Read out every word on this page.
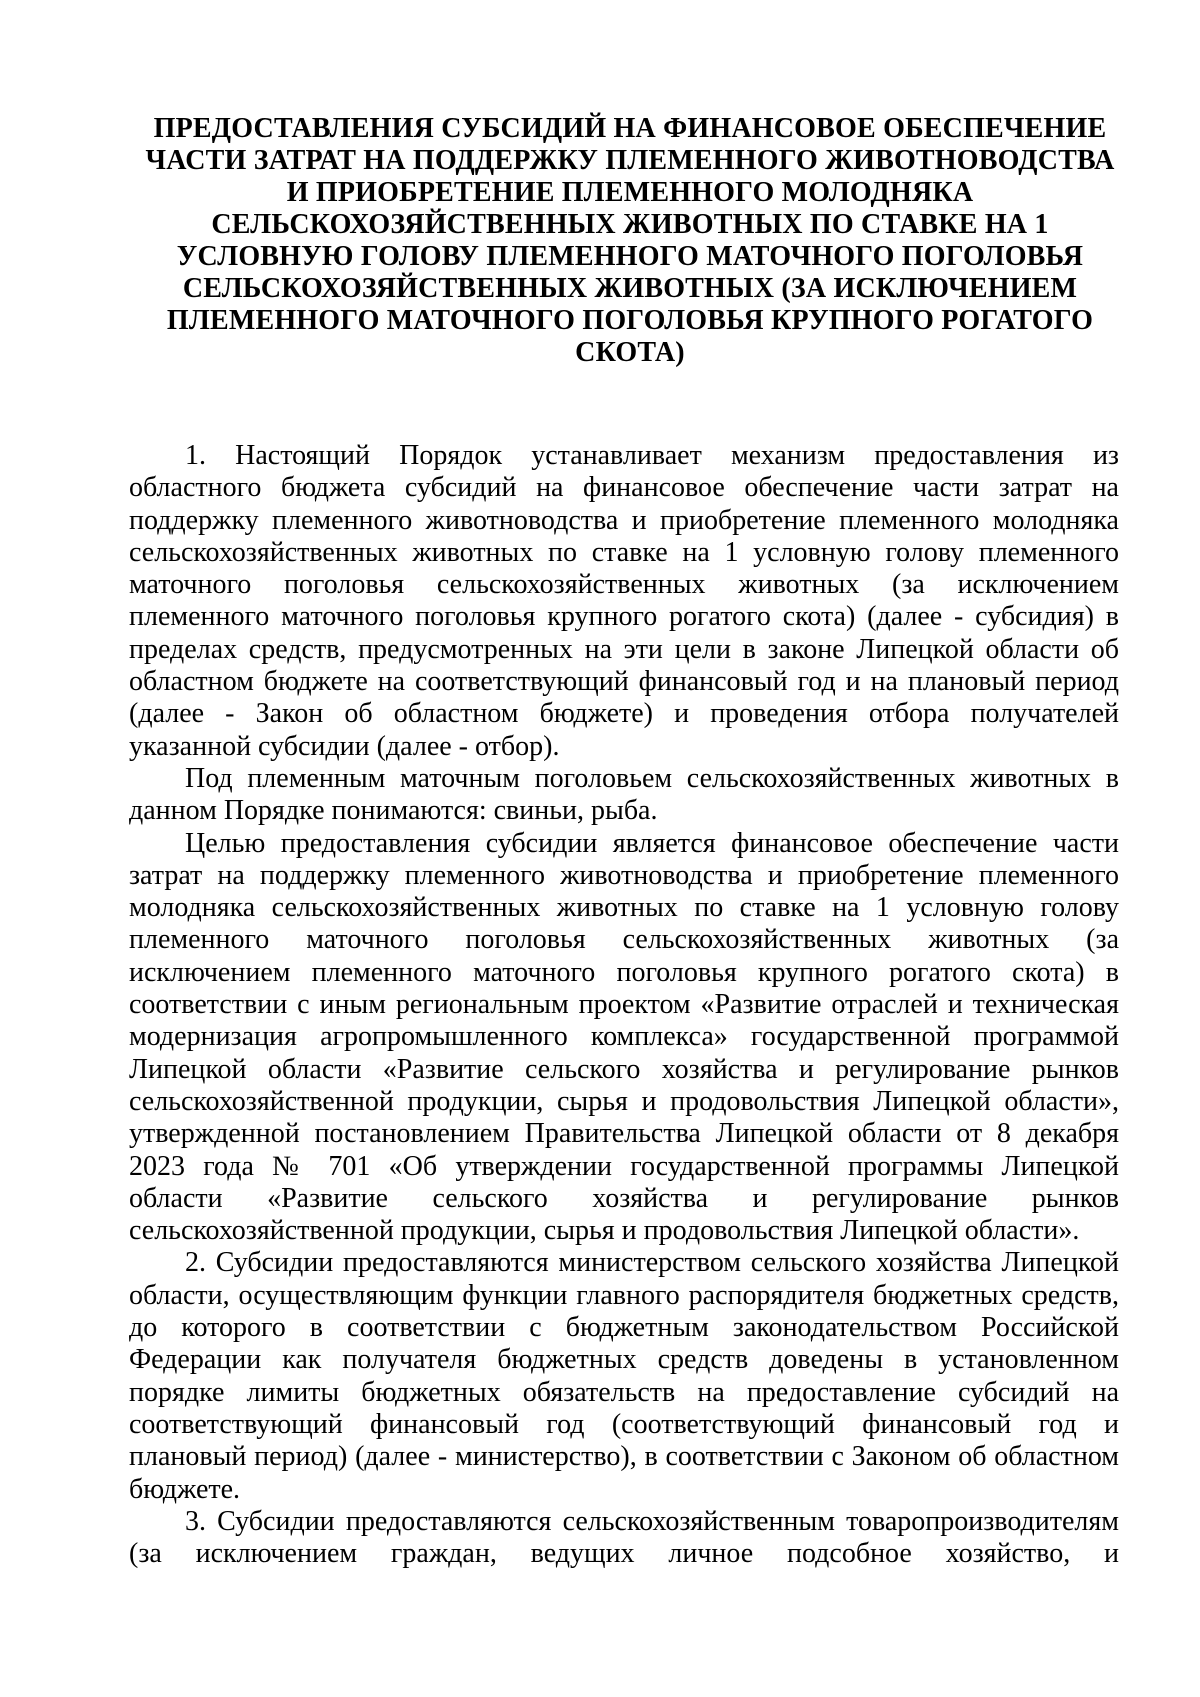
ПРЕДОСТАВЛЕНИЯ СУБСИДИЙ НА ФИНАНСОВОЕ ОБЕСПЕЧЕНИЕ
ЧАСТИ ЗАТРАТ НА ПОДДЕРЖКУ ПЛЕМЕННОГО ЖИВОТНОВОДСТВА
И ПРИОБРЕТЕНИЕ ПЛЕМЕННОГО МОЛОДНЯКА
СЕЛЬСКОХОЗЯЙСТВЕННЫХ ЖИВОТНЫХ ПО СТАВКЕ НА 1
УСЛОВНУЮ ГОЛОВУ ПЛЕМЕННОГО МАТОЧНОГО ПОГОЛОВЬЯ
СЕЛЬСКОХОЗЯЙСТВЕННЫХ ЖИВОТНЫХ (ЗА ИСКЛЮЧЕНИЕМ
ПЛЕМЕННОГО МАТОЧНОГО ПОГОЛОВЬЯ КРУПНОГО РОГАТОГО
СКОТА)
1. Настоящий Порядок устанавливает механизм предоставления из
областного бюджета субсидий на финансовое обеспечение части затрат на
поддержку племенного животноводства и приобретение племенного молодняка
сельскохозяйственных животных по ставке на 1 условную голову племенного
маточного поголовья сельскохозяйственных животных (за исключением
племенного маточного поголовья крупного рогатого скота) (далее - субсидия) в
пределах средств, предусмотренных на эти цели в законе Липецкой области об
областном бюджете на соответствующий финансовый год и на плановый период
(далее - Закон об областном бюджете) и проведения отбора получателей
указанной субсидии (далее - отбор).
Под племенным маточным поголовьем сельскохозяйственных животных в
данном Порядке понимаются: свиньи, рыба.
Целью предоставления субсидии является финансовое обеспечение части
затрат на поддержку племенного животноводства и приобретение племенного
молодняка сельскохозяйственных животных по ставке на 1 условную голову
племенного маточного поголовья сельскохозяйственных животных (за
исключением племенного маточного поголовья крупного рогатого скота) в
соответствии с иным региональным проектом «Развитие отраслей и техническая
модернизация агропромышленного комплекса» государственной программой
Липецкой области «Развитие сельского хозяйства и регулирование рынков
сельскохозяйственной продукции, сырья и продовольствия Липецкой области»,
утвержденной постановлением Правительства Липецкой области от 8 декабря
2023 года № 701 «Об утверждении государственной программы Липецкой
области «Развитие сельского хозяйства и регулирование рынков
сельскохозяйственной продукции, сырья и продовольствия Липецкой области».
2. Субсидии предоставляются министерством сельского хозяйства Липецкой
области, осуществляющим функции главного распорядителя бюджетных средств,
до которого в соответствии с бюджетным законодательством Российской
Федерации как получателя бюджетных средств доведены в установленном
порядке лимиты бюджетных обязательств на предоставление субсидий на
соответствующий финансовый год (соответствующий финансовый год и
плановый период) (далее - министерство), в соответствии с Законом об областном
бюджете.
3. Субсидии предоставляются сельскохозяйственным товаропроизводителям
(за исключением граждан, ведущих личное подсобное хозяйство, и
